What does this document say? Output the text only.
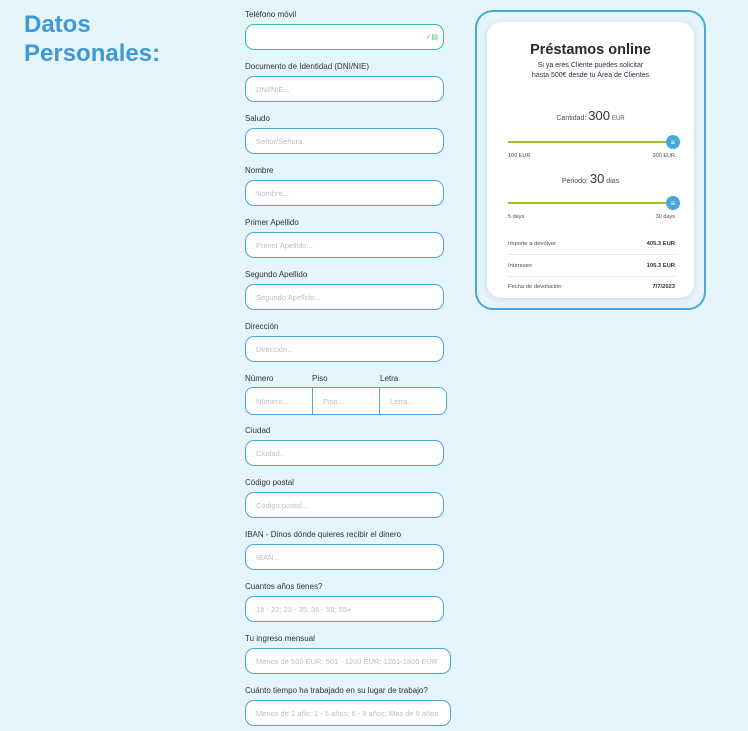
Datos
Personales:
Teléfono móvil
✓▤
Documento de Identidad (DNI/NIE)
DNI/NIE...
Saludo
Señor/Señora
Nombre
Nombre...
Primer Apellido
Primer Apellido...
Segundo Apellido
Segundo Apellido...
Dirección
Dirección...
Número	Piso	Letra
Número...	Piso...	Letra...
Ciudad
Ciudad...
Código postal
Código postal...
IBAN - Dinos dónde quieres recibir el dinero
IBAN...
Cuantos años tienes?
18 - 22; 23 - 35; 36 - 59; 55+
Tu ingreso mensual
Menos de 500 EUR; 501 - 1200 EUR; 1201-1800 EUR
Cuánto tiempo ha trabajado en su lugar de trabajo?
Menos de 1 año; 1 - 5 años; 6 - 9 años; Mas de 9 años
Préstamos online
Si ya eres Cliente puedes solicitar
hasta 500€ desde tu Área de Clientes
Cantidad: 300 EUR
≡
100 EUR	300 EUR
Periodo: 30 dias
≡
5 days	30 days
Importe a devolver	405.3 EUR
Intereses	105.3 EUR
Fecha de devolución	7/7/2023
